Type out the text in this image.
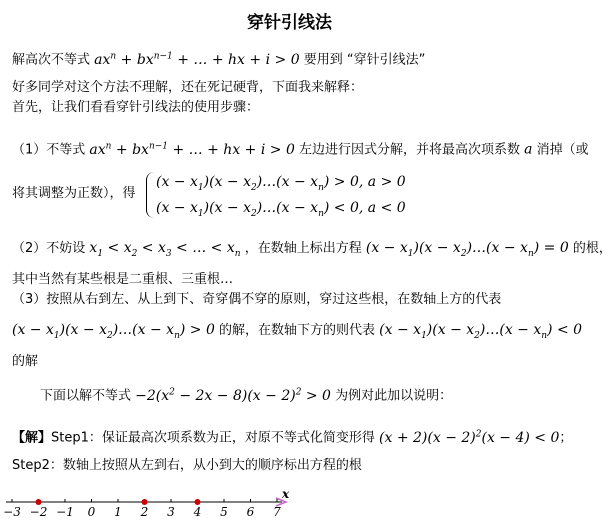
穿针引线法
解高次不等式 $ax^n + bx^{n-1}$ + … + hx + i > 0 要用到 “穿针引线法”
好多同学对这个方法不理解，还在死记硬背，下面我来解释：
首先，让我们看看穿针引线法的使用步骤：
（1）不等式 $ax^n + bx^{n-1}$ + … + hx + i > 0 左边进行因式分解，并将最高次项系数 a 消掉（或
将其调整为正数），得
$(x - x_1)(x$ − $x_2)\dots(x - x_n) > 0$, a > 0
$(x - x_1)(x$ − $x_2)\dots(x - x_n) < 0$, a < 0
（2）不妨设 $x_1 < x_2 < x_3$ < … < $x_n$ ，在数轴上标出方程 $(x - x_1)(x$ − $x_2)\dots(x - x_n) = 0$ 的根，
其中当然有某些根是二重根、三重根…
（3）按照从右到左、从上到下、奇穿偶不穿的原则，穿过这些根，在数轴上方的代表
$(x - x_1)(x$ − $x_2)\dots(x - x_n) > 0$ 的解，在数轴下方的则代表 $(x - x_1)(x$ − $x_2)\dots(x - x_n) < 0$
的解
下面以解不等式 $-2(x^2 - 2x - 8)(x - 2)^2 > 0$ 为例对此加以说明：
【解】Step1：保证最高次项系数为正，对原不等式化简变形得 $(x + 2)(x - 2)^2(x - 4) < 0$；
Step2：数轴上按照从左到右，从小到大的顺序标出方程的根
x
−3 −2 −1 0 1 2 3 4 5 6 7
